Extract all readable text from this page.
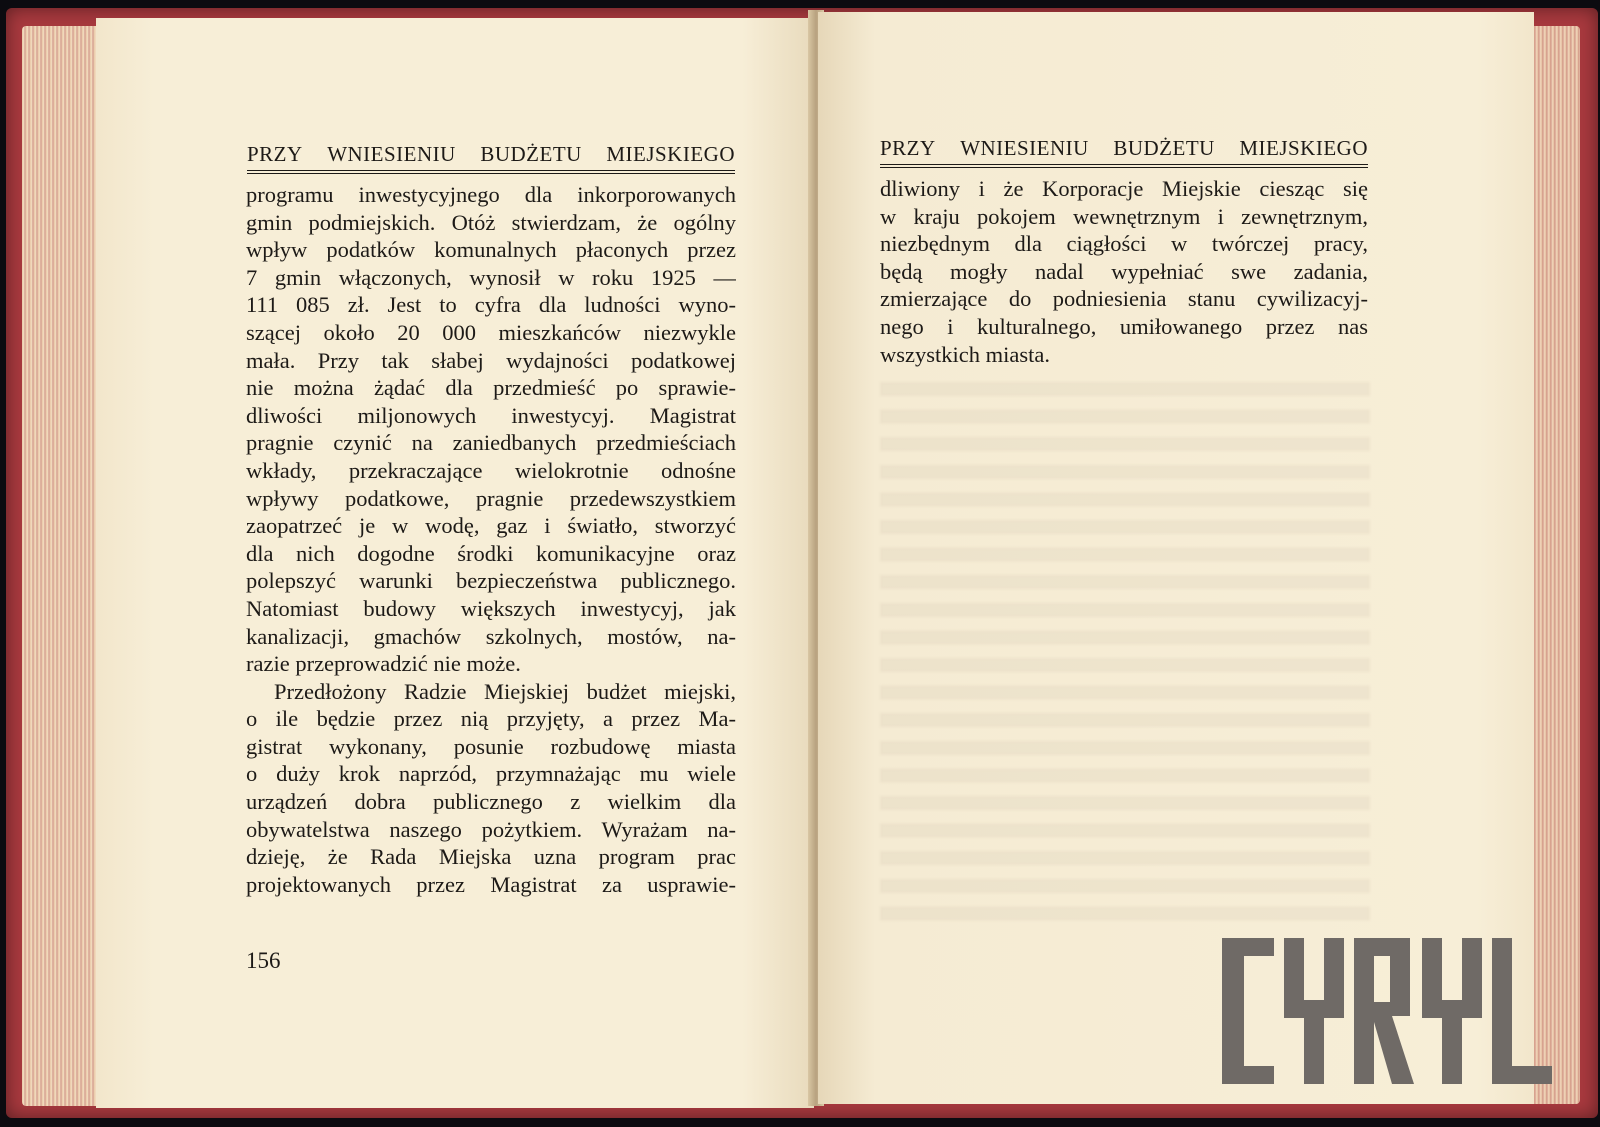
PRZY WNIESIENIU BUDŻETU MIEJSKIEGO
programu inwestycyjnego dla inkorporowanych
gmin podmiejskich. Otóż stwierdzam, że ogólny
wpływ podatków komunalnych płaconych przez
7 gmin włączonych, wynosił w roku 1925 —
111 085 zł. Jest to cyfra dla ludności wyno-
szącej około 20 000 mieszkańców niezwykle
mała. Przy tak słabej wydajności podatkowej
nie można żądać dla przedmieść po sprawie-
dliwości miljonowych inwestycyj. Magistrat
pragnie czynić na zaniedbanych przedmieściach
wkłady, przekraczające wielokrotnie odnośne
wpływy podatkowe, pragnie przedewszystkiem
zaopatrzeć je w wodę, gaz i światło, stworzyć
dla nich dogodne środki komunikacyjne oraz
polepszyć warunki bezpieczeństwa publicznego.
Natomiast budowy większych inwestycyj, jak
kanalizacji, gmachów szkolnych, mostów, na-
razie przeprowadzić nie może.
Przedłożony Radzie Miejskiej budżet miejski,
o ile będzie przez nią przyjęty, a przez Ma-
gistrat wykonany, posunie rozbudowę miasta
o duży krok naprzód, przymnażając mu wiele
urządzeń dobra publicznego z wielkim dla
obywatelstwa naszego pożytkiem. Wyrażam na-
dzieję, że Rada Miejska uzna program prac
projektowanych przez Magistrat za usprawie-
156
PRZY WNIESIENIU BUDŻETU MIEJSKIEGO
dliwiony i że Korporacje Miejskie ciesząc się
w kraju pokojem wewnętrznym i zewnętrznym,
niezbędnym dla ciągłości w twórczej pracy,
będą mogły nadal wypełniać swe zadania,
zmierzające do podniesienia stanu cywilizacyj-
nego i kulturalnego, umiłowanego przez nas
wszystkich miasta.
